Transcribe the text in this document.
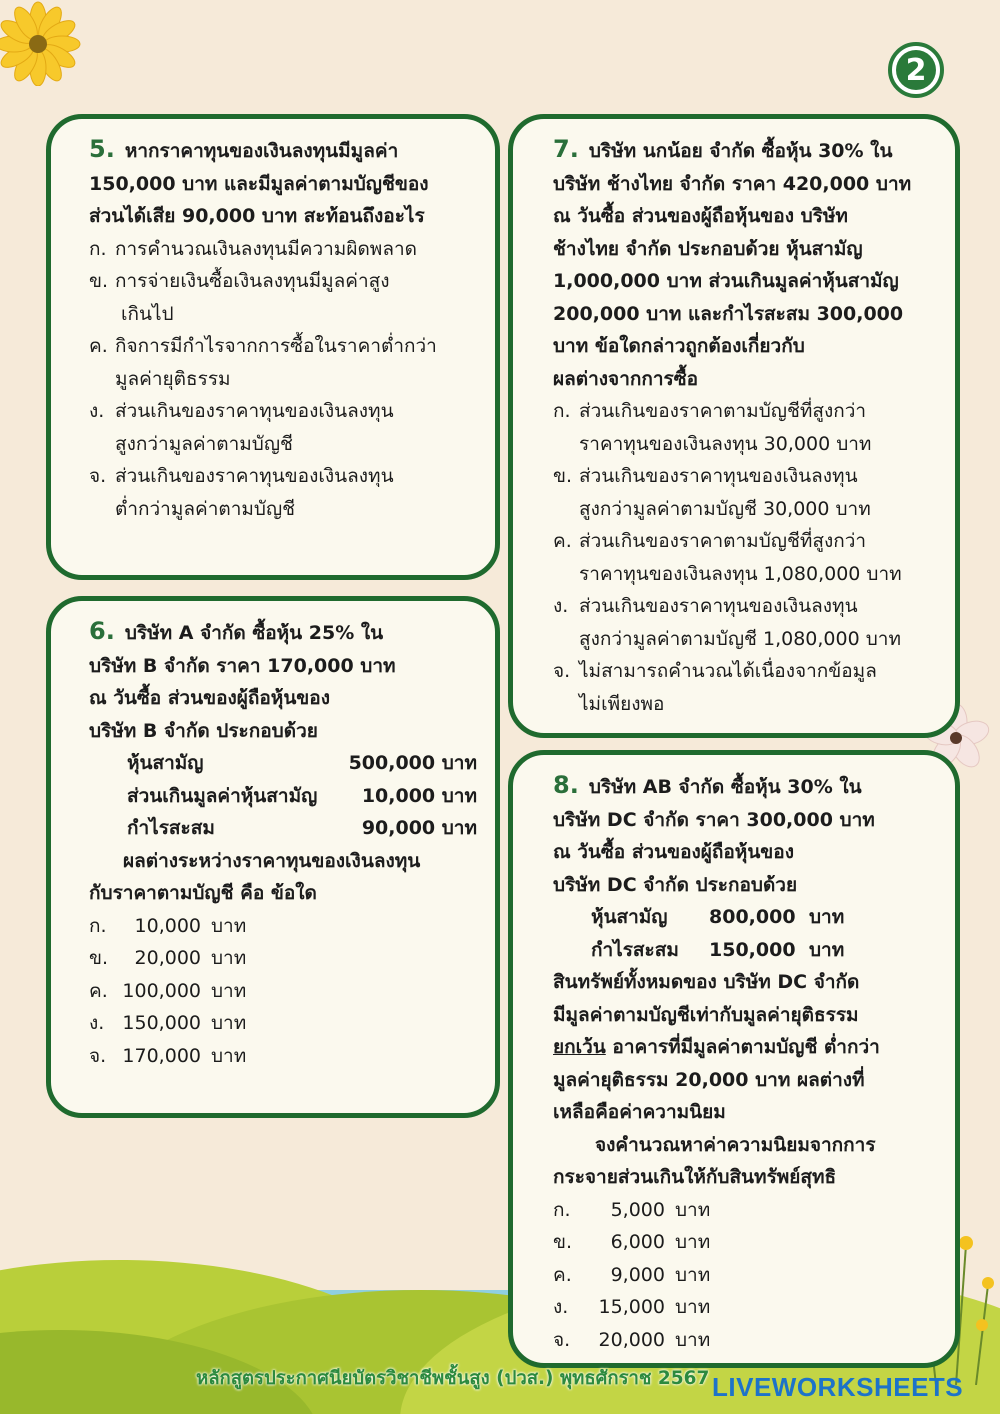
2
5. หากราคาทุนของเงินลงทุนมีมูลค่า
150,000 บาท และมีมูลค่าตามบัญชีของ
ส่วนได้เสีย 90,000 บาท สะท้อนถึงอะไร
ก. การคำนวณเงินลงทุนมีความผิดพลาด
ข. การจ่ายเงินซื้อเงินลงทุนมีมูลค่าสูง
เกินไป
ค. กิจการมีกำไรจากการซื้อในราคาต่ำกว่า
มูลค่ายุติธรรม
ง. ส่วนเกินของราคาทุนของเงินลงทุน
สูงกว่ามูลค่าตามบัญชี
จ. ส่วนเกินของราคาทุนของเงินลงทุน
ต่ำกว่ามูลค่าตามบัญชี
6. บริษัท A จำกัด ซื้อหุ้น 25% ใน
บริษัท B จำกัด ราคา 170,000 บาท
ณ วันซื้อ ส่วนของผู้ถือหุ้นของ
บริษัท B จำกัด ประกอบด้วย
หุ้นสามัญ	500,000 บาท
ส่วนเกินมูลค่าหุ้นสามัญ	10,000 บาท
กำไรสะสม	90,000 บาท
ผลต่างระหว่างราคาทุนของเงินลงทุน
กับราคาตามบัญชี คือ ข้อใด
ก.	10,000 บาท
ข.	20,000 บาท
ค. 100,000 บาท
ง. 150,000 บาท
จ. 170,000 บาท
7. บริษัท นกน้อย จำกัด ซื้อหุ้น 30% ใน
บริษัท ช้างไทย จำกัด ราคา 420,000 บาท
ณ วันซื้อ ส่วนของผู้ถือหุ้นของ บริษัท
ช้างไทย จำกัด ประกอบด้วย หุ้นสามัญ
1,000,000 บาท ส่วนเกินมูลค่าหุ้นสามัญ
200,000 บาท และกำไรสะสม 300,000
บาท ข้อใดกล่าวถูกต้องเกี่ยวกับ
ผลต่างจากการซื้อ
ก. ส่วนเกินของราคาตามบัญชีที่สูงกว่า
ราคาทุนของเงินลงทุน 30,000 บาท
ข. ส่วนเกินของราคาทุนของเงินลงทุน
สูงกว่ามูลค่าตามบัญชี 30,000 บาท
ค. ส่วนเกินของราคาตามบัญชีที่สูงกว่า
ราคาทุนของเงินลงทุน 1,080,000 บาท
ง. ส่วนเกินของราคาทุนของเงินลงทุน
สูงกว่ามูลค่าตามบัญชี 1,080,000 บาท
จ. ไม่สามารถคำนวณได้เนื่องจากข้อมูล
ไม่เพียงพอ
8. บริษัท AB จำกัด ซื้อหุ้น 30% ใน
บริษัท DC จำกัด ราคา 300,000 บาท
ณ วันซื้อ ส่วนของผู้ถือหุ้นของ
บริษัท DC จำกัด ประกอบด้วย
หุ้นสามัญ	800,000 บาท
กำไรสะสม	150,000 บาท
สินทรัพย์ทั้งหมดของ บริษัท DC จำกัด
มีมูลค่าตามบัญชีเท่ากับมูลค่ายุติธรรม
ยกเว้น อาคารที่มีมูลค่าตามบัญชี ต่ำกว่า
มูลค่ายุติธรรม 20,000 บาท ผลต่างที่
เหลือคือค่าความนิยม
จงคำนวณหาค่าความนิยมจากการ
กระจายส่วนเกินให้กับสินทรัพย์สุทธิ
ก.	5,000 บาท
ข.	6,000 บาท
ค.	9,000 บาท
ง.	15,000 บาท
จ.	20,000 บาท
หลักสูตรประกาศนียบัตรวิชาชีพชั้นสูง (ปวส.) พุทธศักราช 2567 LIVEWORKSHEETS
